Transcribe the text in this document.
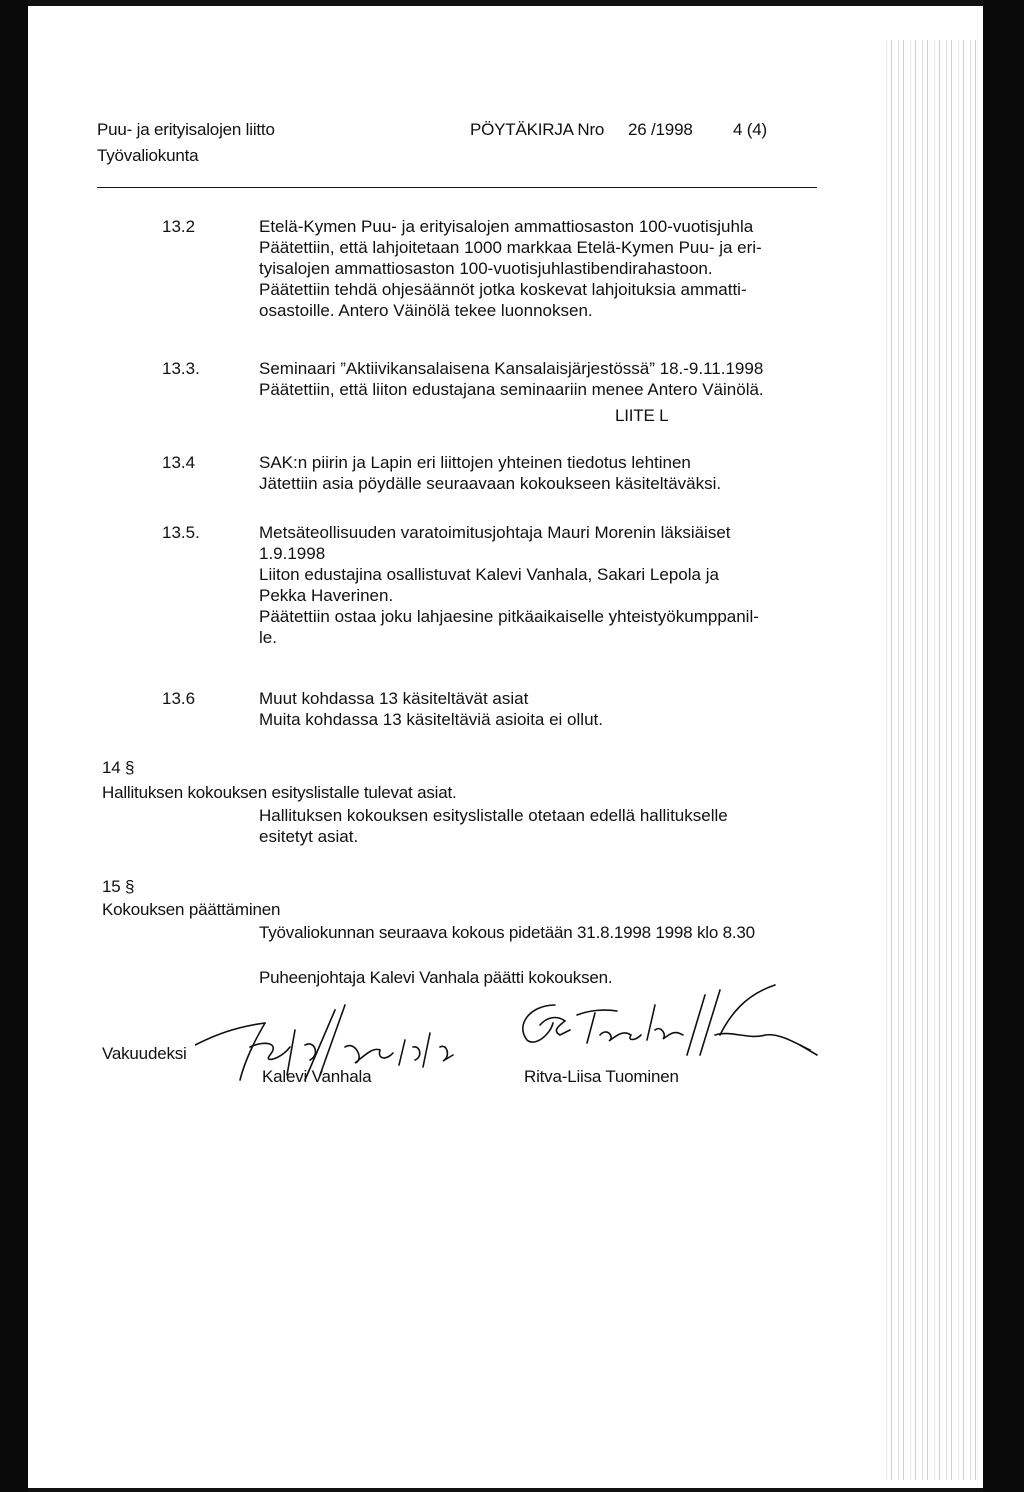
Puu- ja erityisalojen liitto
Työvaliokunta
PÖYTÄKIRJA Nro 26 /1998 4 (4)
13.2	Etelä-Kymen Puu- ja erityisalojen ammattiosaston 100-vuotisjuhla
Päätettiin, että lahjoitetaan 1000 markkaa Etelä-Kymen Puu- ja eri-
tyisalojen ammattiosaston 100-vuotisjuhlastibendirahastoon.
Päätettiin tehdä ohjesäännöt jotka koskevat lahjoituksia ammatti-
osastoille. Antero Väinölä tekee luonnoksen.
13.3.	Seminaari ”Aktiivikansalaisena Kansalaisjärjestössä” 18.-9.11.1998
Päätettiin, että liiton edustajana seminaariin menee Antero Väinölä.
LIITE L
13.4	SAK:n piirin ja Lapin eri liittojen yhteinen tiedotus lehtinen
Jätettiin asia pöydälle seuraavaan kokoukseen käsiteltäväksi.
13.5.	Metsäteollisuuden varatoimitusjohtaja Mauri Morenin läksiäiset
1.9.1998
Liiton edustajina osallistuvat Kalevi Vanhala, Sakari Lepola ja
Pekka Haverinen.
Päätettiin ostaa joku lahjaesine pitkäaikaiselle yhteistyökumppanil-
le.
13.6	Muut kohdassa 13 käsiteltävät asiat
Muita kohdassa 13 käsiteltäviä asioita ei ollut.
14 §
Hallituksen kokouksen esityslistalle tulevat asiat.
Hallituksen kokouksen esityslistalle otetaan edellä hallitukselle
esitetyt asiat.
15 §
Kokouksen päättäminen
Työvaliokunnan seuraava kokous pidetään 31.8.1998 1998 klo 8.30
Puheenjohtaja Kalevi Vanhala päätti kokouksen.
Vakuudeksi
Kalevi Vanhala	Ritva-Liisa Tuominen
